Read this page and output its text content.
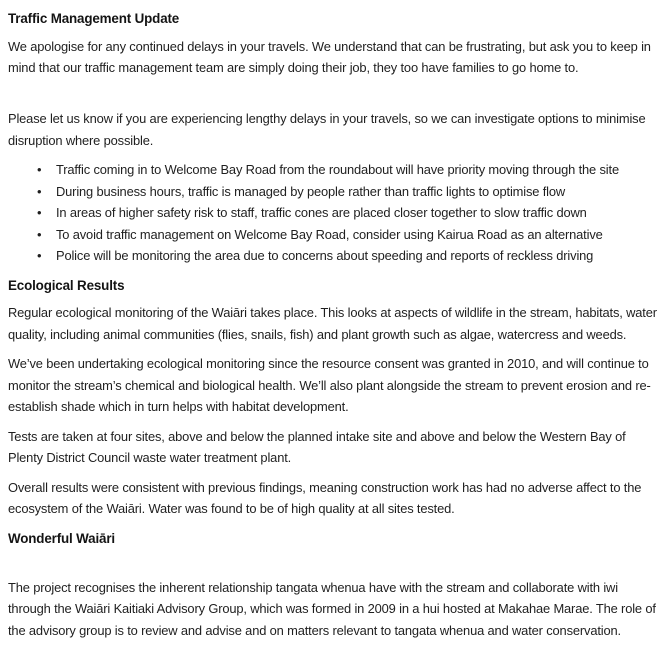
Traffic Management Update

We apologise for any continued delays in your travels. We understand that can be frustrating, but ask you to keep in mind that our traffic management team are simply doing their job, they too have families to go home to.

Please let us know if you are experiencing lengthy delays in your travels, so we can investigate options to minimise disruption where possible.

• Traffic coming in to Welcome Bay Road from the roundabout will have priority moving through the site
• During business hours, traffic is managed by people rather than traffic lights to optimise flow
• In areas of higher safety risk to staff, traffic cones are placed closer together to slow traffic down
• To avoid traffic management on Welcome Bay Road, consider using Kairua Road as an alternative
• Police will be monitoring the area due to concerns about speeding and reports of reckless driving
Ecological Results

Regular ecological monitoring of the Waiāri takes place. This looks at aspects of wildlife in the stream, habitats, water quality, including animal communities (flies, snails, fish) and plant growth such as algae, watercress and weeds.

We’ve been undertaking ecological monitoring since the resource consent was granted in 2010, and will continue to monitor the stream’s chemical and biological health. We’ll also plant alongside the stream to prevent erosion and re-establish shade which in turn helps with habitat development.

Tests are taken at four sites, above and below the planned intake site and above and below the Western Bay of Plenty District Council waste water treatment plant.

Overall results were consistent with previous findings, meaning construction work has had no adverse affect to the ecosystem of the Waiāri. Water was found to be of high quality at all sites tested.

Wonderful Waiāri

The project recognises the inherent relationship tangata whenua have with the stream and collaborate with iwi through the Waiāri Kaitiaki Advisory Group, which was formed in 2009 in a hui hosted at Makahae Marae. The role of the advisory group is to review and advise and on matters relevant to tangata whenua and water conservation.
